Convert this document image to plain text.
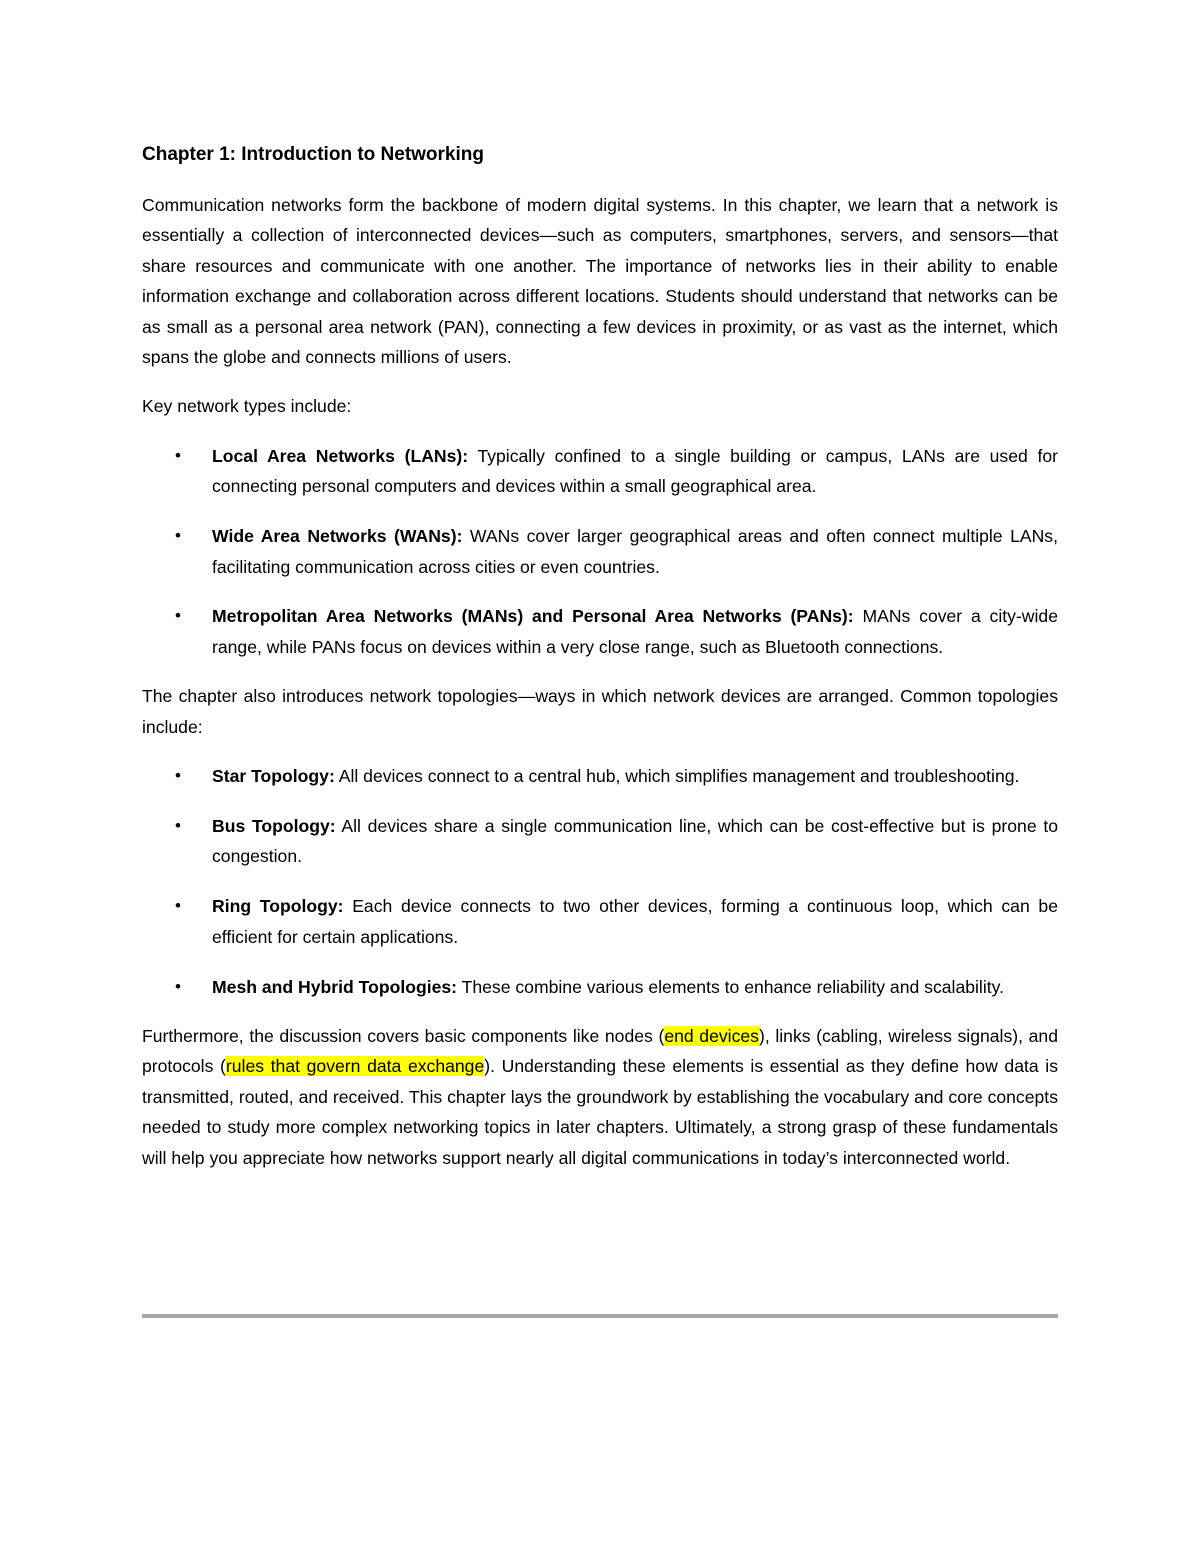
Chapter 1: Introduction to Networking

Communication networks form the backbone of modern digital systems. In this chapter, we learn that a network is essentially a collection of interconnected devices—such as computers, smartphones, servers, and sensors—that share resources and communicate with one another. The importance of networks lies in their ability to enable information exchange and collaboration across different locations. Students should understand that networks can be as small as a personal area network (PAN), connecting a few devices in proximity, or as vast as the internet, which spans the globe and connects millions of users.

Key network types include:

• Local Area Networks (LANs): Typically confined to a single building or campus, LANs are used for connecting personal computers and devices within a small geographical area.
• Wide Area Networks (WANs): WANs cover larger geographical areas and often connect multiple LANs, facilitating communication across cities or even countries.
• Metropolitan Area Networks (MANs) and Personal Area Networks (PANs): MANs cover a city-wide range, while PANs focus on devices within a very close range, such as Bluetooth connections.

The chapter also introduces network topologies—ways in which network devices are arranged. Common topologies include:

• Star Topology: All devices connect to a central hub, which simplifies management and troubleshooting.
• Bus Topology: All devices share a single communication line, which can be cost-effective but is prone to congestion.
• Ring Topology: Each device connects to two other devices, forming a continuous loop, which can be efficient for certain applications.
• Mesh and Hybrid Topologies: These combine various elements to enhance reliability and scalability.

Furthermore, the discussion covers basic components like nodes (end devices), links (cabling, wireless signals), and protocols (rules that govern data exchange). Understanding these elements is essential as they define how data is transmitted, routed, and received. This chapter lays the groundwork by establishing the vocabulary and core concepts needed to study more complex networking topics in later chapters. Ultimately, a strong grasp of these fundamentals will help you appreciate how networks support nearly all digital communications in today’s interconnected world.
